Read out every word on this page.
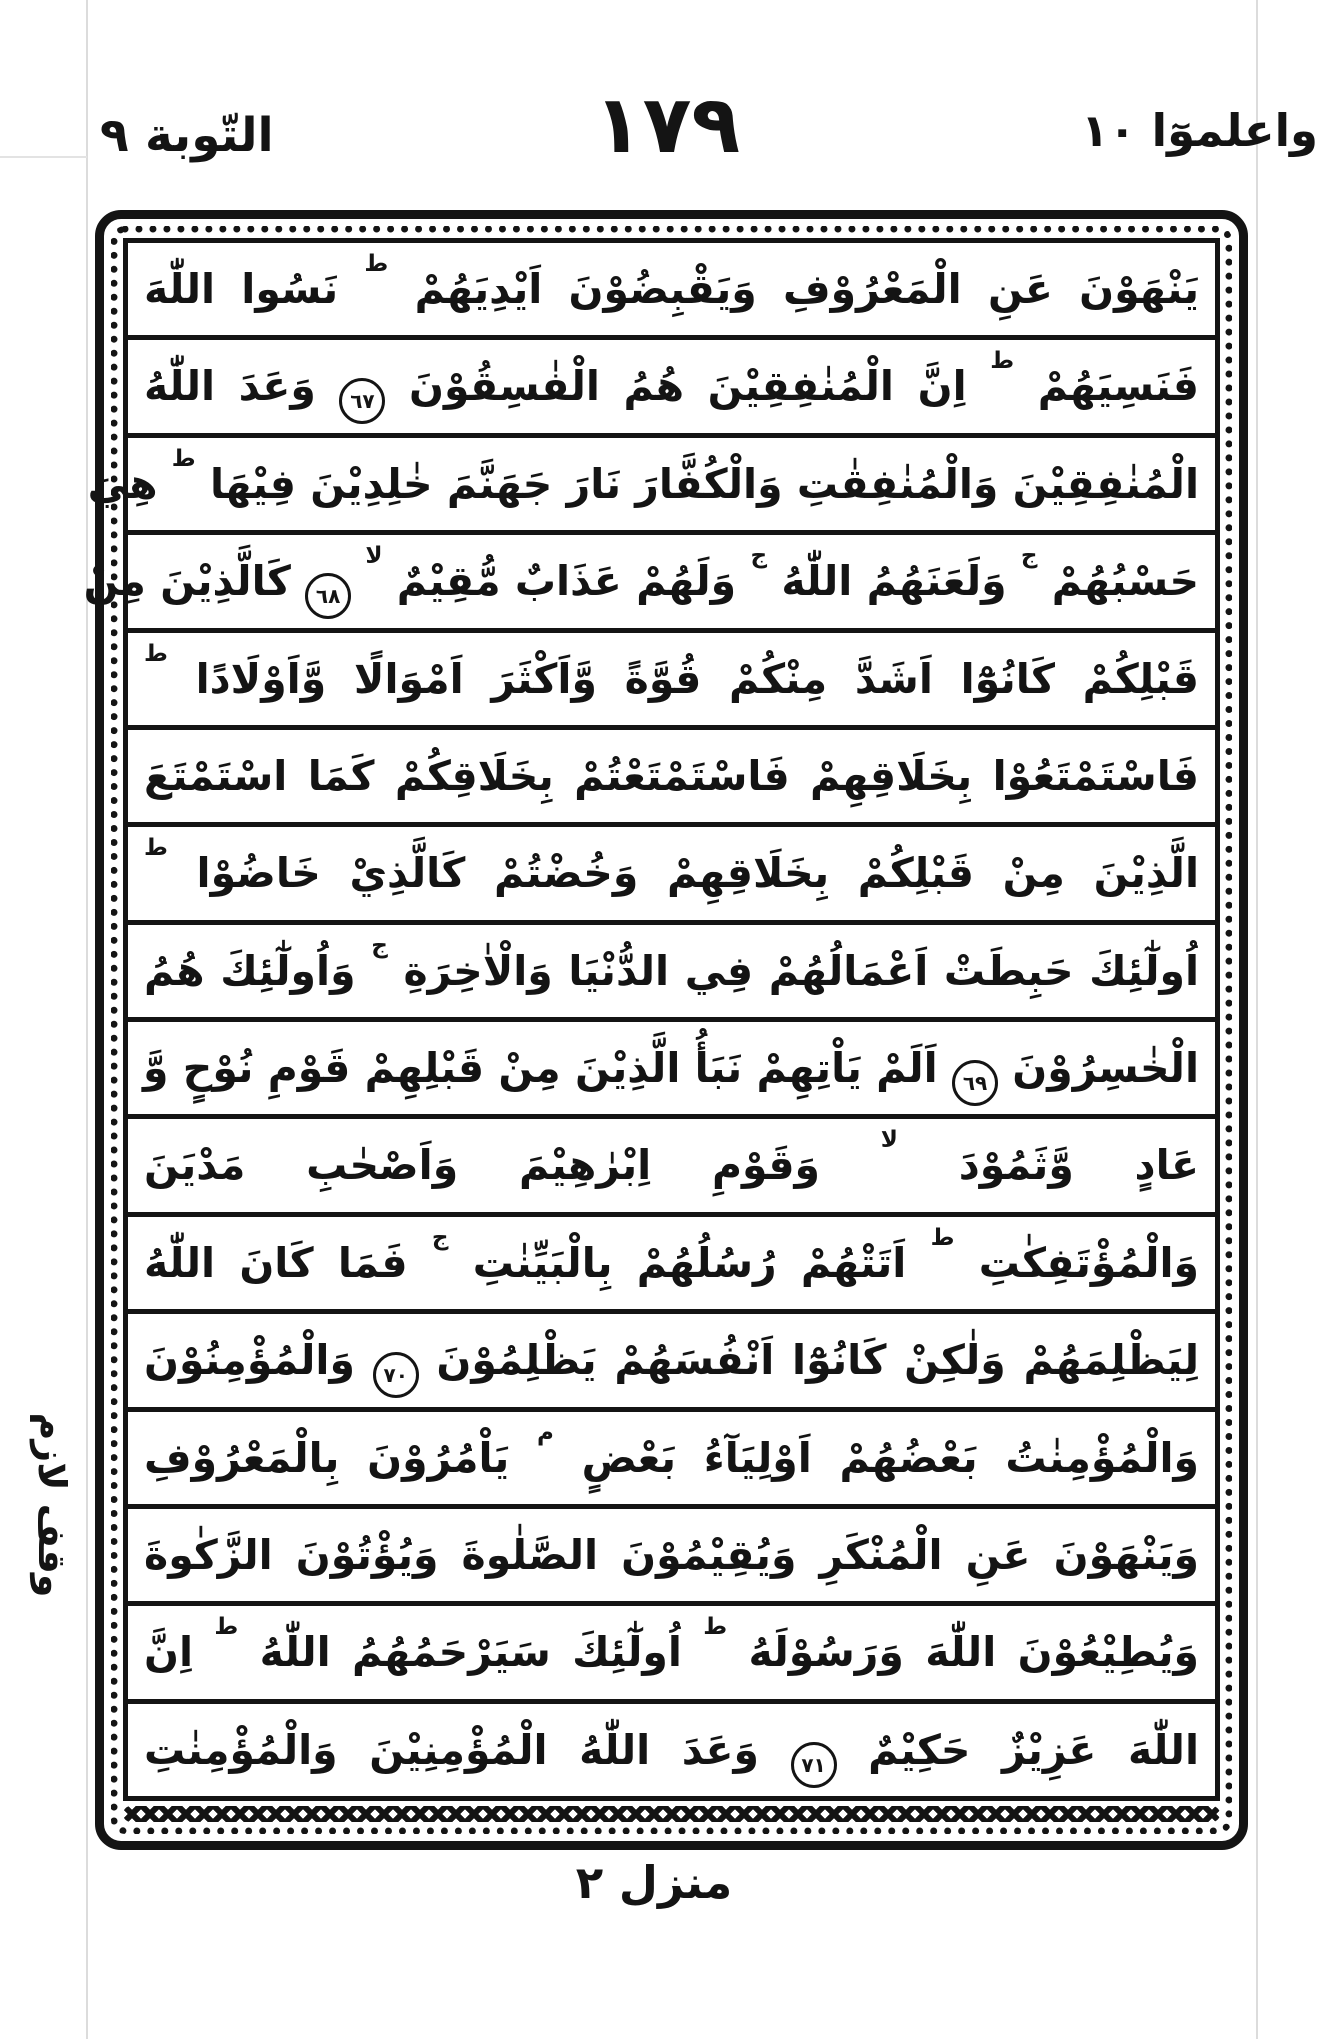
التّوبة ٩	١٧٩	واعلموٓا ١٠
يَنْهَوْنَ عَنِ الْمَعْرُوْفِ وَيَقْبِضُوْنَ اَيْدِيَهُمْ ط نَسُوا اللّٰهَ
فَنَسِيَهُمْ ط اِنَّ الْمُنٰفِقِيْنَ هُمُ الْفٰسِقُوْنَ
٦٧
وَعَدَ اللّٰهُ
الْمُنٰفِقِيْنَ وَالْمُنٰفِقٰتِ وَالْكُفَّارَ نَارَ جَهَنَّمَ خٰلِدِيْنَ فِيْهَا ط هِيَ
حَسْبُهُمْ ج وَلَعَنَهُمُ اللّٰهُ ج وَلَهُمْ عَذَابٌ مُّقِيْمٌ لا
٦٨
كَالَّذِيْنَ مِنْ
قَبْلِكُمْ كَانُوْٓا اَشَدَّ مِنْكُمْ قُوَّةً وَّاَكْثَرَ اَمْوَالًا وَّاَوْلَادًا ط
فَاسْتَمْتَعُوْا بِخَلَاقِهِمْ فَاسْتَمْتَعْتُمْ بِخَلَاقِكُمْ كَمَا اسْتَمْتَعَ
الَّذِيْنَ مِنْ قَبْلِكُمْ بِخَلَاقِهِمْ وَخُضْتُمْ كَالَّذِيْ خَاضُوْا ط
اُولٰٓئِكَ حَبِطَتْ اَعْمَالُهُمْ فِي الدُّنْيَا وَالْاٰخِرَةِ ج وَاُولٰٓئِكَ هُمُ
الْخٰسِرُوْنَ
٦٩
اَلَمْ يَاْتِهِمْ نَبَأُ الَّذِيْنَ مِنْ قَبْلِهِمْ قَوْمِ نُوْحٍ وَّ
عَادٍ وَّثَمُوْدَ لا وَقَوْمِ اِبْرٰهِيْمَ وَاَصْحٰبِ مَدْيَنَ
وَالْمُؤْتَفِكٰتِ ط اَتَتْهُمْ رُسُلُهُمْ بِالْبَيِّنٰتِ ج فَمَا كَانَ اللّٰهُ
لِيَظْلِمَهُمْ وَلٰكِنْ كَانُوْٓا اَنْفُسَهُمْ يَظْلِمُوْنَ
٧٠
وَالْمُؤْمِنُوْنَ
وَالْمُؤْمِنٰتُ بَعْضُهُمْ اَوْلِيَآءُ بَعْضٍ م يَاْمُرُوْنَ بِالْمَعْرُوْفِ
وَيَنْهَوْنَ عَنِ الْمُنْكَرِ وَيُقِيْمُوْنَ الصَّلٰوةَ وَيُؤْتُوْنَ الزَّكٰوةَ
وَيُطِيْعُوْنَ اللّٰهَ وَرَسُوْلَهُ ط اُولٰٓئِكَ سَيَرْحَمُهُمُ اللّٰهُ ط اِنَّ
اللّٰهَ عَزِيْزٌ حَكِيْمٌ
٧١
وَعَدَ اللّٰهُ الْمُؤْمِنِيْنَ وَالْمُؤْمِنٰتِ
وقف لازم
منزل ٢
